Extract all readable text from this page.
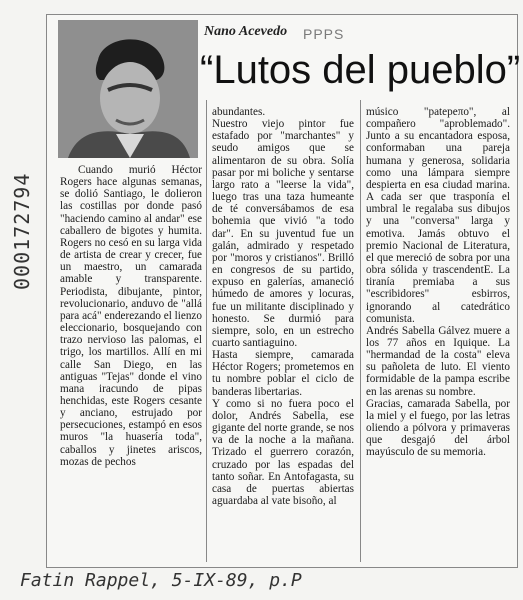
Nano Acevedo PPPS
“Lutos del pueblo”
Cuando murió Héctor Rogers hace algunas semanas, se dolió Santiago, le dolieron las costillas por donde pasó "haciendo camino al andar" ese caballero de bigotes y humita. Rogers no cesó en su larga vida de artista de crear y crecer, fue un maestro, un camarada amable y transparente. Periodista, dibujante, pintor, revolucionario, anduvo de "allá para acá" enderezando el lienzo eleccionario, bosquejando con trazo nervioso las palomas, el trigo, los martillos. Allí en mi calle San Diego, en las antiguas "Tejas" donde el vino mana iracundo de pipas henchidas, este Rogers cesante y anciano, estrujado por persecuciones, estampó en esos muros "la huasería toda", caballos y jinetes ariscos, mozas de pechos
abundantes.
Nuestro viejo pintor fue estafado por "marchantes" y seudo amigos que se alimentaron de su obra. Solía pasar por mi boliche y sentarse largo rato a "leerse la vida", luego tras una taza humeante de té conversábamos de esa bohemia que vivió "a todo dar". En su juventud fue un galán, admirado y respetado por "moros y cristianos". Brilló en congresos de su partido, expuso en galerías, amaneció húmedo de amores y locuras, fue un militante disciplinado y honesto. Se durmió para siempre, solo, en un estrecho cuarto santiaguino.
Hasta siempre, camarada Héctor Rogers; prometemos en tu nombre poblar el ciclo de banderas libertarias.
Y como si no fuera poco el dolor, Andrés Sabella, ese gigante del norte grande, se nos va de la noche a la mañana. Trizado el guerrero corazón, cruzado por las espadas del tanto soñar. En Antofagasta, su casa de puertas abiertas aguardaba al vate bisoño, al
músico "patepeπo", al compañero "aproblemado". Junto a su encantadora esposa, conformaban una pareja humana y generosa, solidaria como una lámpara siempre despierta en esa ciudad marina. A cada ser que trasponía el umbral le regalaba sus dibujos y una "conversa" larga y emotiva. Jamás obtuvo el premio Nacional de Literatura, el que mereció de sobra por una obra sólida y trascendentE. La tiranía premiaba a sus "escribidores" esbirros, ignorando al catedrático comunista.
Andrés Sabella Gálvez muere a los 77 años en Iquique. La "hermandad de la costa" eleva su pañoleta de luto. El viento formidable de la pampa escribe en las arenas su nombre.
Gracias, camarada Sabella, por la miel y el fuego, por las letras oliendo a pólvora y primaveras que desgajó del árbol mayúsculo de su memoria.
000172794
Fatin Rappel, 5-IX-89, p.P
